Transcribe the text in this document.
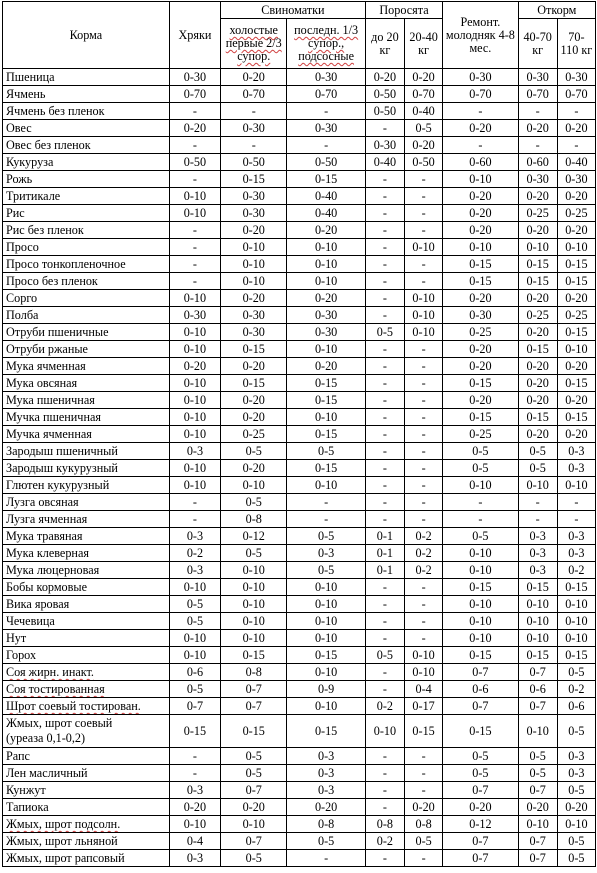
Корма	Хряки	Свиноматки		Поросята		Ремонт. молодняк 4-8 мес.	Откорм	
		холостые первые 2/3 супор.	последн. 1/3 супор., подсосные	до 20 кг	20-40 кг		40-70 кг	70-110 кг
Пшеница	0-30	0-20	0-30	0-20	0-20	0-30	0-30	0-30
Ячмень	0-70	0-70	0-70	0-50	0-70	0-70	0-70	0-70
Ячмень без пленок	-	-	-	0-50	0-40	-	-	-
Овес	0-20	0-30	0-30	-	0-5	0-20	0-20	0-20
Овес без пленок	-	-	-	0-30	0-20	-	-	-
Кукуруза	0-50	0-50	0-50	0-40	0-50	0-60	0-60	0-40
Рожь	-	0-15	0-15	-	-	0-10	0-30	0-30
Тритикале	0-10	0-30	0-40	-	-	0-20	0-20	0-20
Рис	0-10	0-30	0-40	-	-	0-20	0-25	0-25
Рис без пленок	-	0-20	0-20	-	-	0-20	0-20	0-20
Просо	-	0-10	0-10	-	0-10	0-10	0-10	0-10
Просо тонкопленочное	-	0-10	0-10	-	-	0-15	0-15	0-15
Просо без пленок	-	0-10	0-10	-	-	0-15	0-15	0-15
Сорго	0-10	0-20	0-20	-	0-10	0-20	0-20	0-20
Полба	0-30	0-30	0-30	-	0-10	0-30	0-25	0-25
Отруби пшеничные	0-10	0-30	0-30	0-5	0-10	0-25	0-20	0-15
Отруби ржаные	0-10	0-15	0-10	-	-	0-20	0-15	0-10
Мука ячменная	0-20	0-20	0-20	-	-	0-20	0-20	0-20
Мука овсяная	0-10	0-15	0-15	-	-	0-15	0-20	0-15
Мука пшеничная	0-10	0-20	0-15	-	-	0-20	0-20	0-20
Мучка пшеничная	0-10	0-20	0-10	-	-	0-15	0-15	0-15
Мучка ячменная	0-10	0-25	0-15	-	-	0-25	0-20	0-20
Зародыш пшеничный	0-3	0-5	0-5	-	-	0-5	0-5	0-3
Зародыш кукурузный	0-10	0-20	0-15	-	-	0-5	0-5	0-3
Глютен кукурузный	0-10	0-10	0-10	-	-	0-10	0-10	0-10
Лузга овсяная	-	0-5	-	-	-	-	-	-
Лузга ячменная	-	0-8	-	-	-	-	-	-
Мука травяная	0-3	0-12	0-5	0-1	0-2	0-5	0-3	0-3
Мука клеверная	0-2	0-5	0-3	0-1	0-2	0-10	0-3	0-3
Мука люцерновая	0-3	0-10	0-5	0-1	0-2	0-10	0-3	0-2
Бобы кормовые	0-10	0-10	0-10	-	-	0-15	0-15	0-15
Вика яровая	0-5	0-10	0-10	-	-	0-10	0-10	0-10
Чечевица	0-5	0-10	0-10	-	-	0-10	0-10	0-10
Нут	0-10	0-10	0-10	-	-	0-10	0-10	0-10
Горох	0-10	0-15	0-15	0-5	0-10	0-15	0-15	0-15
Соя жирн. инакт.	0-6	0-8	0-10	-	0-10	0-7	0-7	0-5
Соя тостированная	0-5	0-7	0-9	-	0-4	0-6	0-6	0-2
Шрот соевый тостирован.	0-7	0-7	0-10	0-2	0-17	0-7	0-7	0-6

Жмых, шрот соевый
(уреаза 0,1-0,2)	0-15	0-15	0-15	0-10	0-15	0-15	0-10	0-5
Рапс	-	0-5	0-3	-	-	0-5	0-5	0-3
Лен масличный	-	0-5	0-3	-	-	0-5	0-5	0-3
Кунжут	0-3	0-7	0-3	-	-	0-7	0-7	0-5
Тапиока	0-20	0-20	0-20	-	0-20	0-20	0-20	0-20
Жмых, шрот подсолн.	0-10	0-10	0-8	0-8	0-8	0-12	0-10	0-10
Жмых, шрот льняной	0-4	0-7	0-5	0-2	0-5	0-7	0-7	0-5
Жмых, шрот рапсовый	0-3	0-5	-	-	-	0-7	0-7	0-5
